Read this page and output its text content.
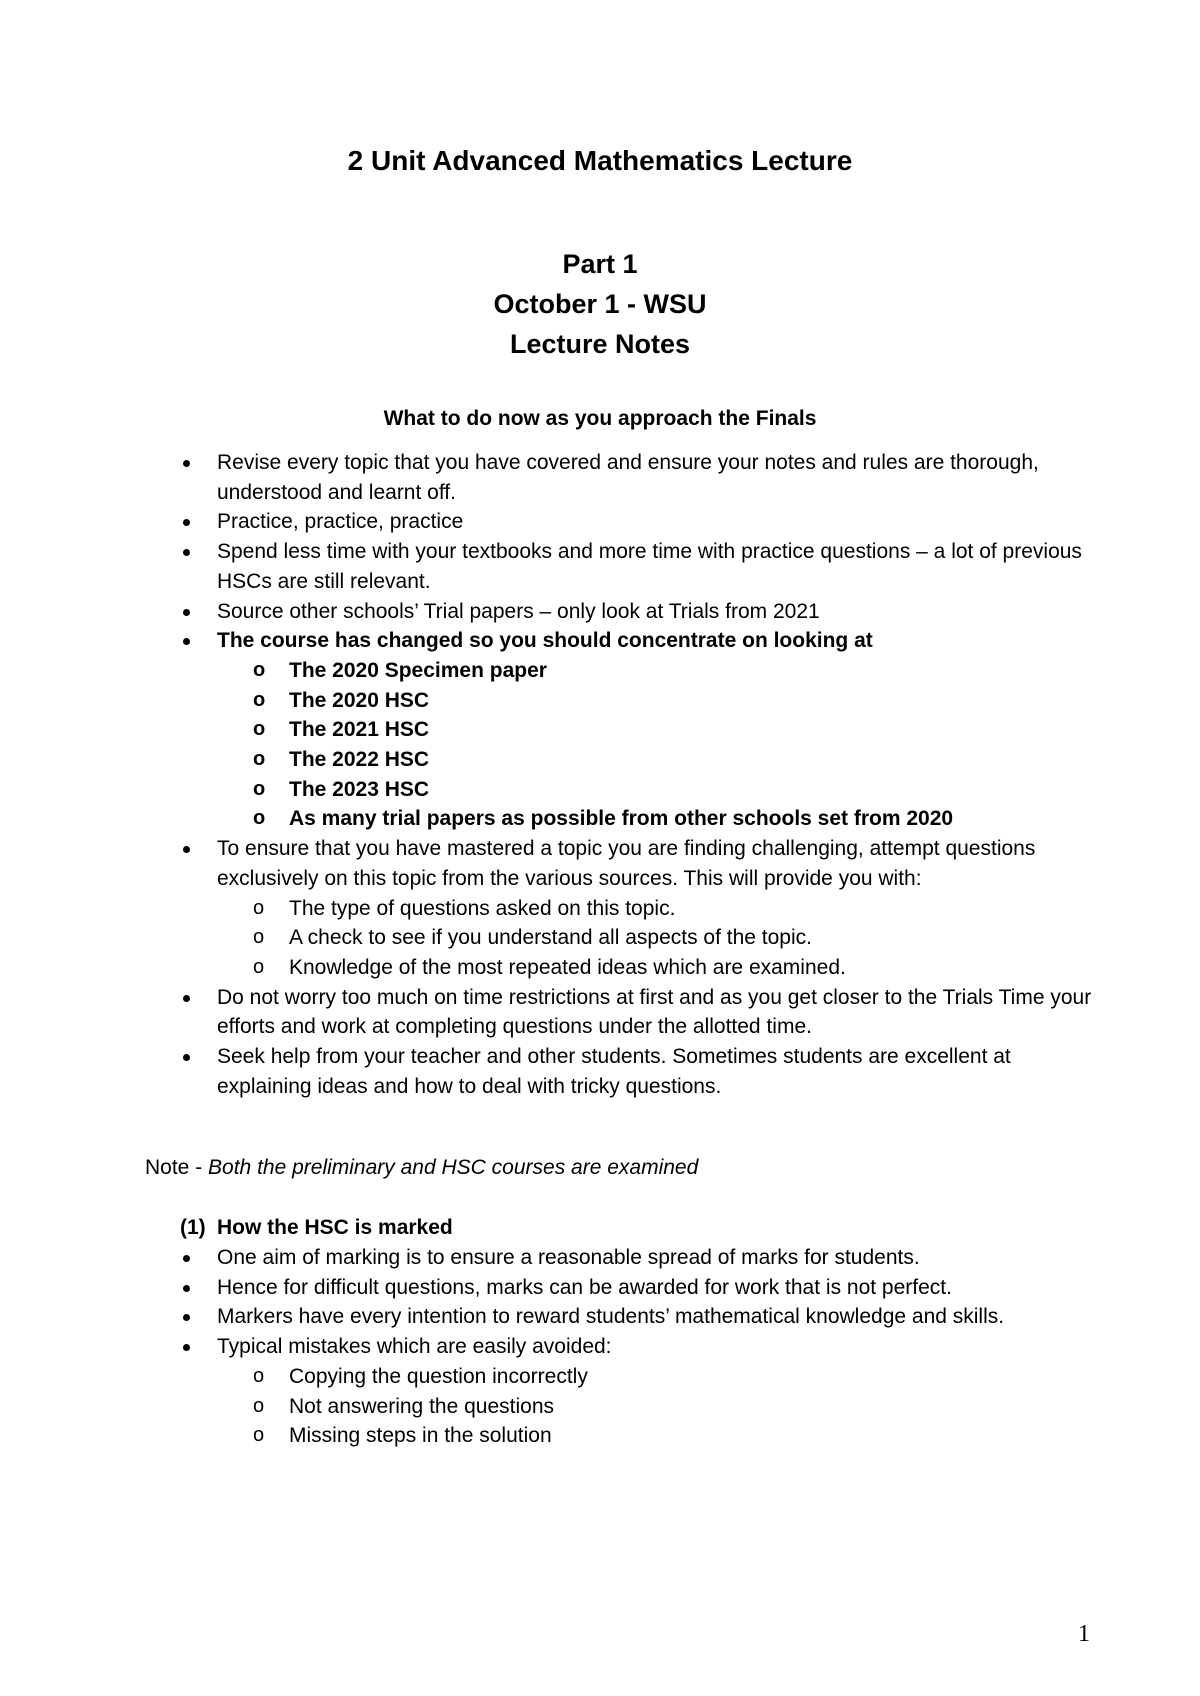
2 Unit Advanced Mathematics Lecture
Part 1
October 1 - WSU
Lecture Notes
What to do now as you approach the Finals
Revise every topic that you have covered and ensure your notes and rules are thorough, understood and learnt off.
Practice, practice, practice
Spend less time with your textbooks and more time with practice questions – a lot of previous HSCs are still relevant.
Source other schools’ Trial papers – only look at Trials from 2021
The course has changed so you should concentrate on looking at
o The 2020 Specimen paper
o The 2020 HSC
o The 2021 HSC
o The 2022 HSC
o The 2023 HSC
o As many trial papers as possible from other schools set from 2020
To ensure that you have mastered a topic you are finding challenging, attempt questions exclusively on this topic from the various sources. This will provide you with:
o The type of questions asked on this topic.
o A check to see if you understand all aspects of the topic.
o Knowledge of the most repeated ideas which are examined.
Do not worry too much on time restrictions at first and as you get closer to the Trials Time your efforts and work at completing questions under the allotted time.
Seek help from your teacher and other students. Sometimes students are excellent at explaining ideas and how to deal with tricky questions.
Note - Both the preliminary and HSC courses are examined
(1) How the HSC is marked
One aim of marking is to ensure a reasonable spread of marks for students.
Hence for difficult questions, marks can be awarded for work that is not perfect.
Markers have every intention to reward students’ mathematical knowledge and skills.
Typical mistakes which are easily avoided:
o Copying the question incorrectly
o Not answering the questions
o Missing steps in the solution
1
